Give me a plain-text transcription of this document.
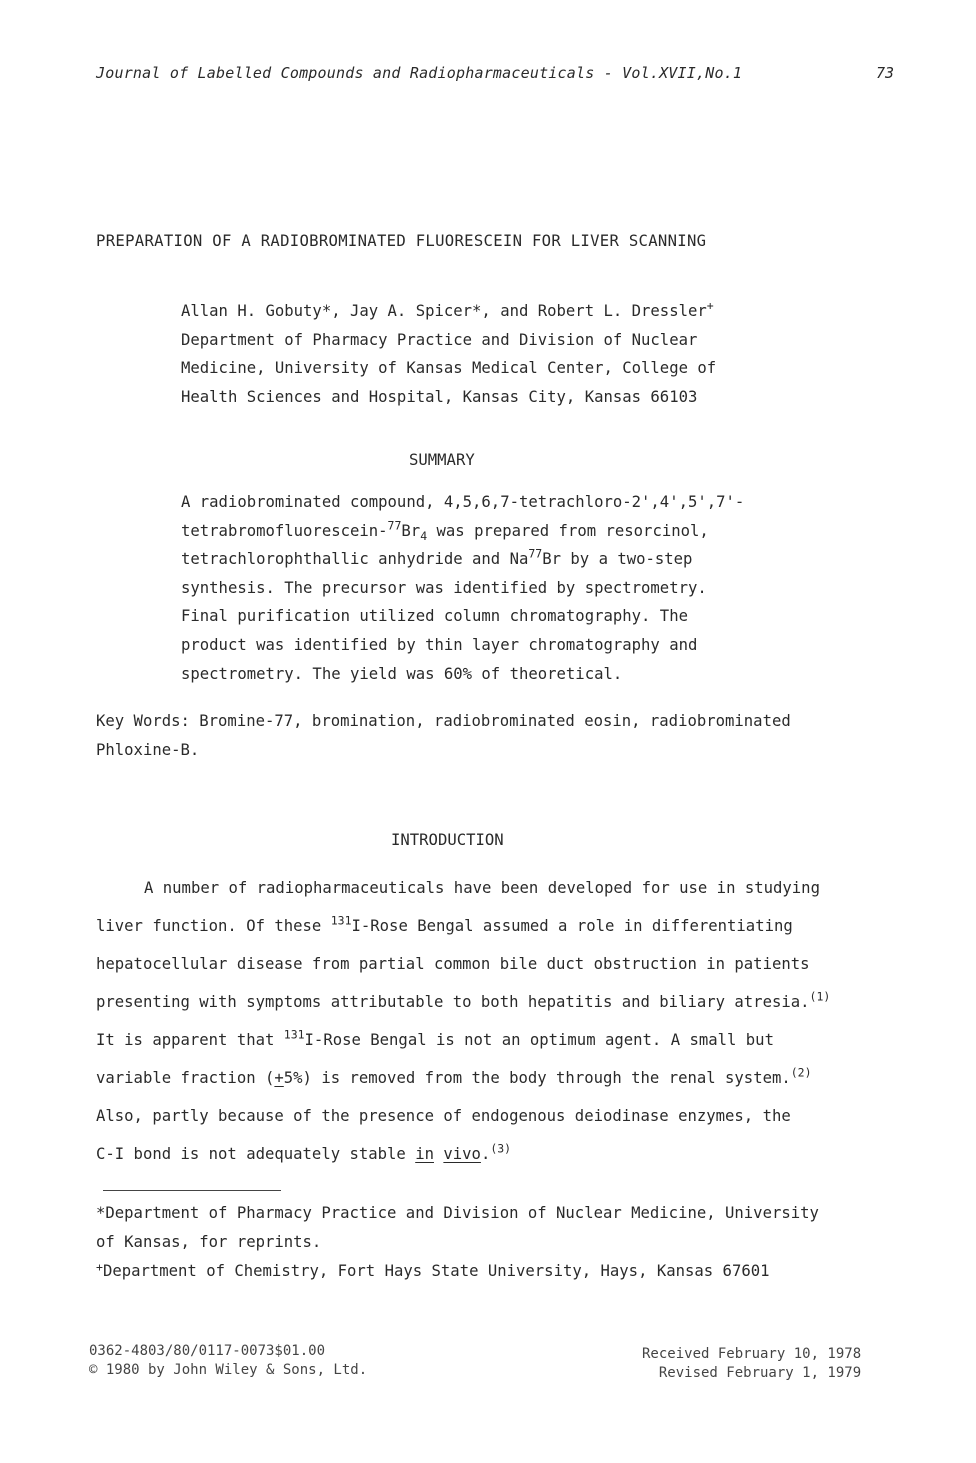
Journal of Labelled Compounds and Radiopharmaceuticals - Vol.XVII,No.1	73
PREPARATION OF A RADIOBROMINATED FLUORESCEIN FOR LIVER SCANNING
Allan H. Gobuty*, Jay A. Spicer*, and Robert L. Dressler+
Department of Pharmacy Practice and Division of Nuclear
Medicine, University of Kansas Medical Center, College of
Health Sciences and Hospital, Kansas City, Kansas 66103
SUMMARY
A radiobrominated compound, 4,5,6,7-tetrachloro-2',4',5',7'-
tetrabromofluorescein-$^{77}Br_4$ was prepared from resorcinol,
tetrachlorophthallic anhydride and Na$^{77}$Br by a two-step
synthesis. The precursor was identified by spectrometry.
Final purification utilized column chromatography. The
product was identified by thin layer chromatography and
spectrometry. The yield was 60% of theoretical.
Key Words: Bromine-77, bromination, radiobrominated eosin, radiobrominated
Phloxine-B.
INTRODUCTION
A number of radiopharmaceuticals have been developed for use in studying
liver function. Of these $^{131}$I-Rose Bengal assumed a role in differentiating
hepatocellular disease from partial common bile duct obstruction in patients
presenting with symptoms attributable to both hepatitis and biliary atresia.$^{(1)}$
It is apparent that $^{131}$I-Rose Bengal is not an optimum agent. A small but
variable fraction (+5%) is removed from the body through the renal system.$^{(2)}$
Also, partly because of the presence of endogenous deiodinase enzymes, the
C-I bond is not adequately stable in vivo.$^{(3)}$
*Department of Pharmacy Practice and Division of Nuclear Medicine, University
of Kansas, for reprints.
+Department of Chemistry, Fort Hays State University, Hays, Kansas 67601
0362-4803/80/0117-0073$01.00
© 1980 by John Wiley & Sons, Ltd.
Received February 10, 1978
Revised February 1, 1979
